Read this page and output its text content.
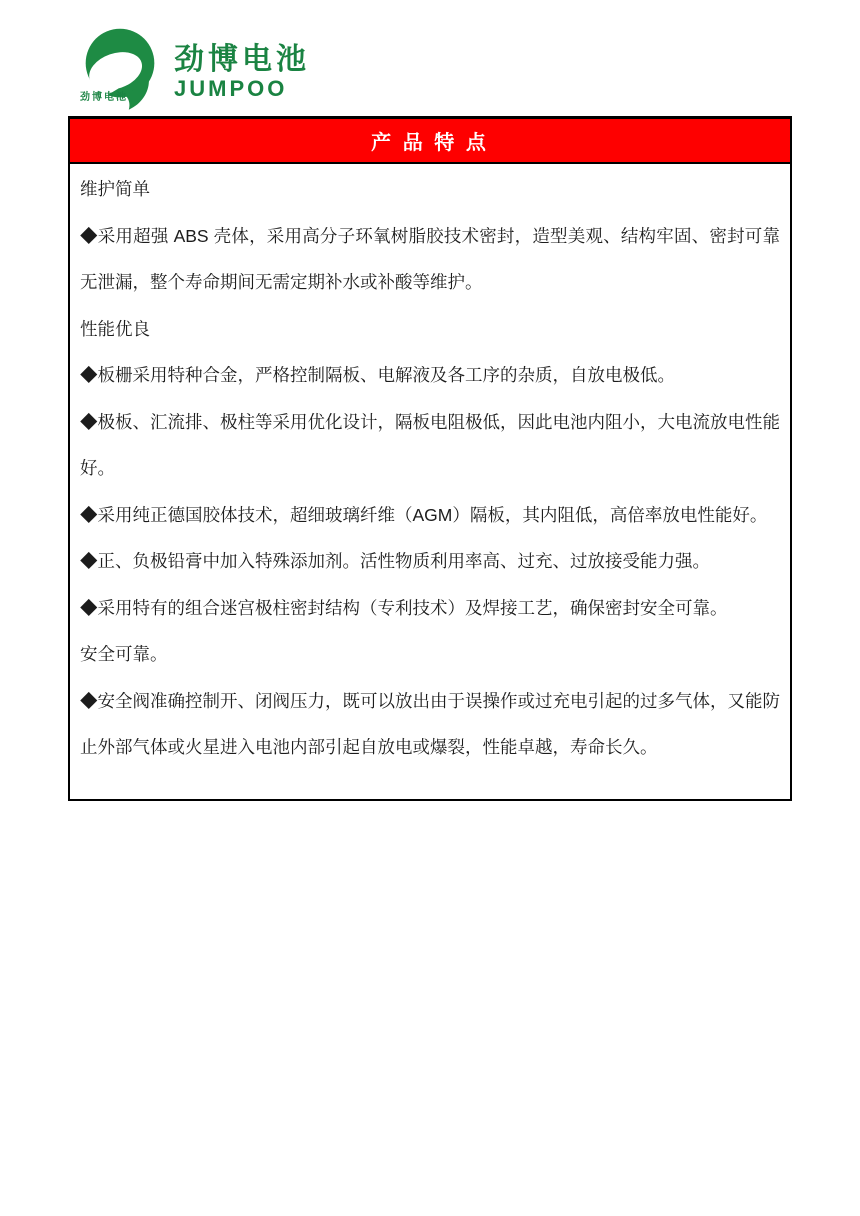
劲博电池
劲博电池
JUMPOO
产 品 特 点

维护简单

◆采用超强 ABS 壳体，采用高分子环氧树脂胶技术密封，造型美观、结构牢固、密封可靠无泄漏，整个寿命期间无需定期补水或补酸等维护。

性能优良

◆板栅采用特种合金，严格控制隔板、电解液及各工序的杂质，自放电极低。

◆极板、汇流排、极柱等采用优化设计，隔板电阻极低，因此电池内阻小，大电流放电性能好。

◆采用纯正德国胶体技术，超细玻璃纤维（AGM）隔板，其内阻低，高倍率放电性能好。

◆正、负极铅膏中加入特殊添加剂。活性物质利用率高、过充、过放接受能力强。

◆采用特有的组合迷宫极柱密封结构（专利技术）及焊接工艺，确保密封安全可靠。

安全可靠。

◆安全阀准确控制开、闭阀压力，既可以放出由于误操作或过充电引起的过多气体，又能防止外部气体或火星进入电池内部引起自放电或爆裂，性能卓越，寿命长久。
